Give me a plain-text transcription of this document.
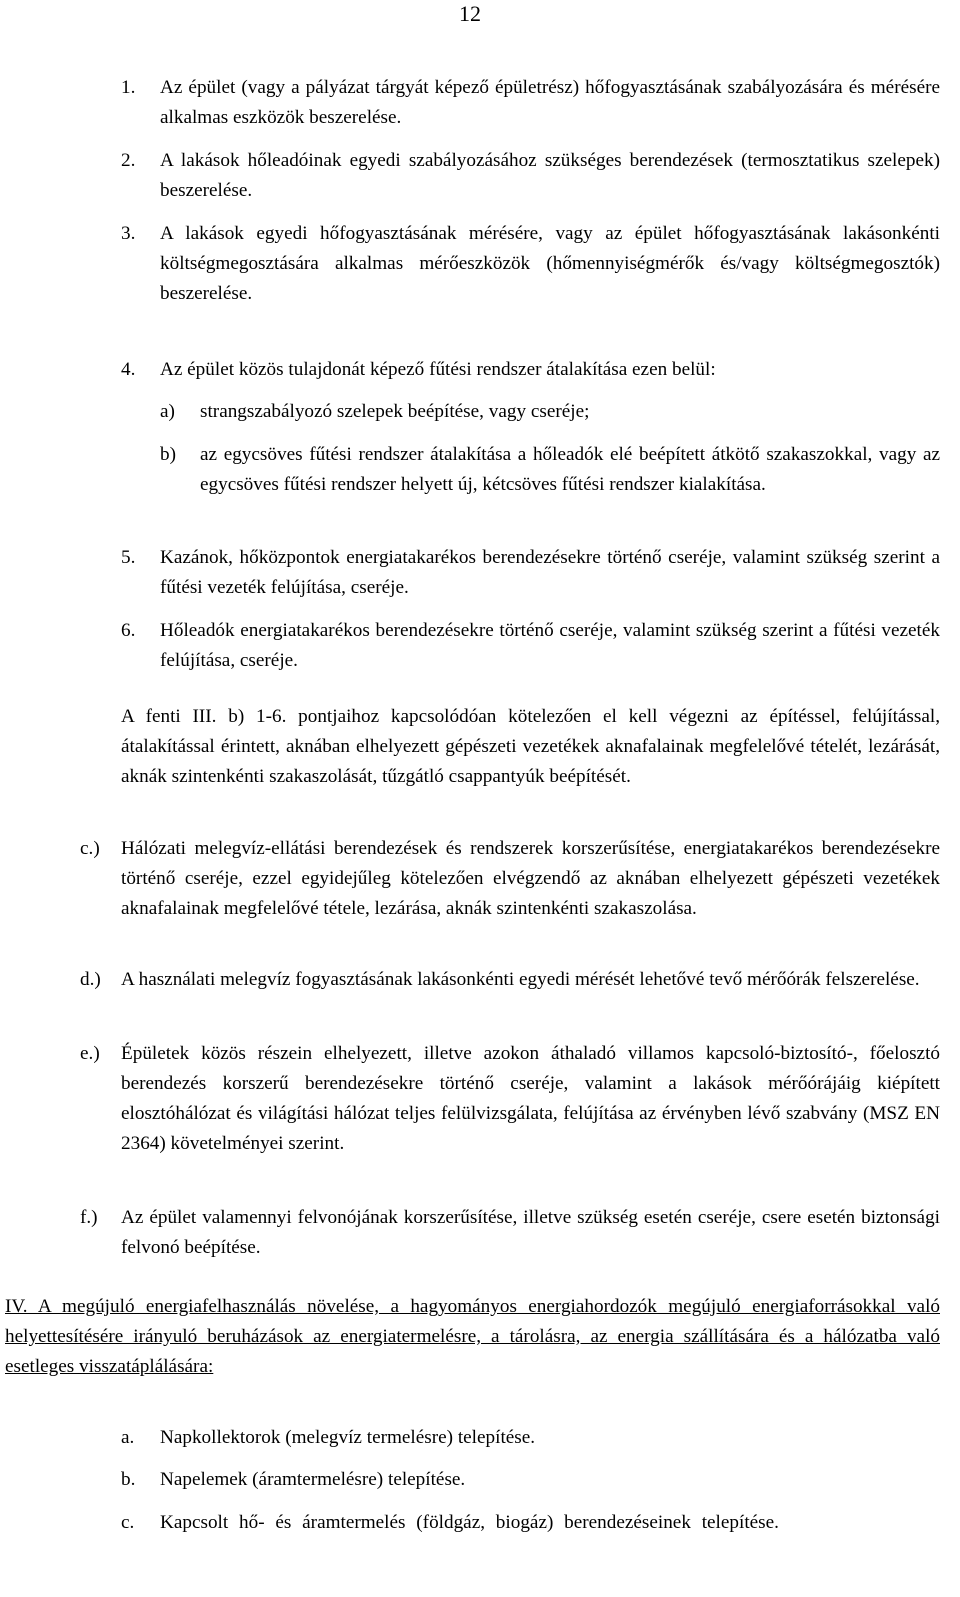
12
1. Az épület (vagy a pályázat tárgyát képező épületrész) hőfogyasztásának szabályozására és mérésére alkalmas eszközök beszerelése.
2. A lakások hőleadóinak egyedi szabályozásához szükséges berendezések (termosztatikus szelepek) beszerelése.
3. A lakások egyedi hőfogyasztásának mérésére, vagy az épület hőfogyasztásának lakásonkénti költségmegosztására alkalmas mérőeszközök (hőmennyiségmérők és/vagy költségmegosztók) beszerelése.
4. Az épület közös tulajdonát képező fűtési rendszer átalakítása ezen belül:
a) strangszabályozó szelepek beépítése, vagy cseréje;
b) az egycsöves fűtési rendszer átalakítása a hőleadók elé beépített átkötő szakaszokkal, vagy az egycsöves fűtési rendszer helyett új, kétcsöves fűtési rendszer kialakítása.
5. Kazánok, hőközpontok energiatakarékos berendezésekre történő cseréje, valamint szükség szerint a fűtési vezeték felújítása, cseréje.
6. Hőleadók energiatakarékos berendezésekre történő cseréje, valamint szükség szerint a fűtési vezeték felújítása, cseréje.
A fenti III. b) 1-6. pontjaihoz kapcsolódóan kötelezően el kell végezni az építéssel, felújítással, átalakítással érintett, aknában elhelyezett gépészeti vezetékek aknafalainak megfelelővé tételét, lezárását, aknák szintenkénti szakaszolását, tűzgátló csappantyúk beépítését.
c.) Hálózati melegvíz-ellátási berendezések és rendszerek korszerűsítése, energiatakarékos berendezésekre történő cseréje, ezzel egyidejűleg kötelezően elvégzendő az aknában elhelyezett gépészeti vezetékek aknafalainak megfelelővé tétele, lezárása, aknák szintenkénti szakaszolása.
d.) A használati melegvíz fogyasztásának lakásonkénti egyedi mérését lehetővé tevő mérőórák felszerelése.
e.) Épületek közös részein elhelyezett, illetve azokon áthaladó villamos kapcsoló-biztosító-, főelosztó berendezés korszerű berendezésekre történő cseréje, valamint a lakások mérőórájáig kiépített elosztóhálózat és világítási hálózat teljes felülvizsgálata, felújítása az érvényben lévő szabvány (MSZ EN 2364) követelményei szerint.
f.) Az épület valamennyi felvonójának korszerűsítése, illetve szükség esetén cseréje, csere esetén biztonsági felvonó beépítése.
IV. A megújuló energiafelhasználás növelése, a hagyományos energiahordozók megújuló energiaforrásokkal való helyettesítésére irányuló beruházások az energiatermelésre, a tárolásra, az energia szállítására és a hálózatba való esetleges visszatáplálására:
a. Napkollektorok (melegvíz termelésre) telepítése.
b. Napelemek (áramtermelésre) telepítése.
c. Kapcsolt hő- és áramtermelés (földgáz, biogáz) berendezéseinek telepítése.
